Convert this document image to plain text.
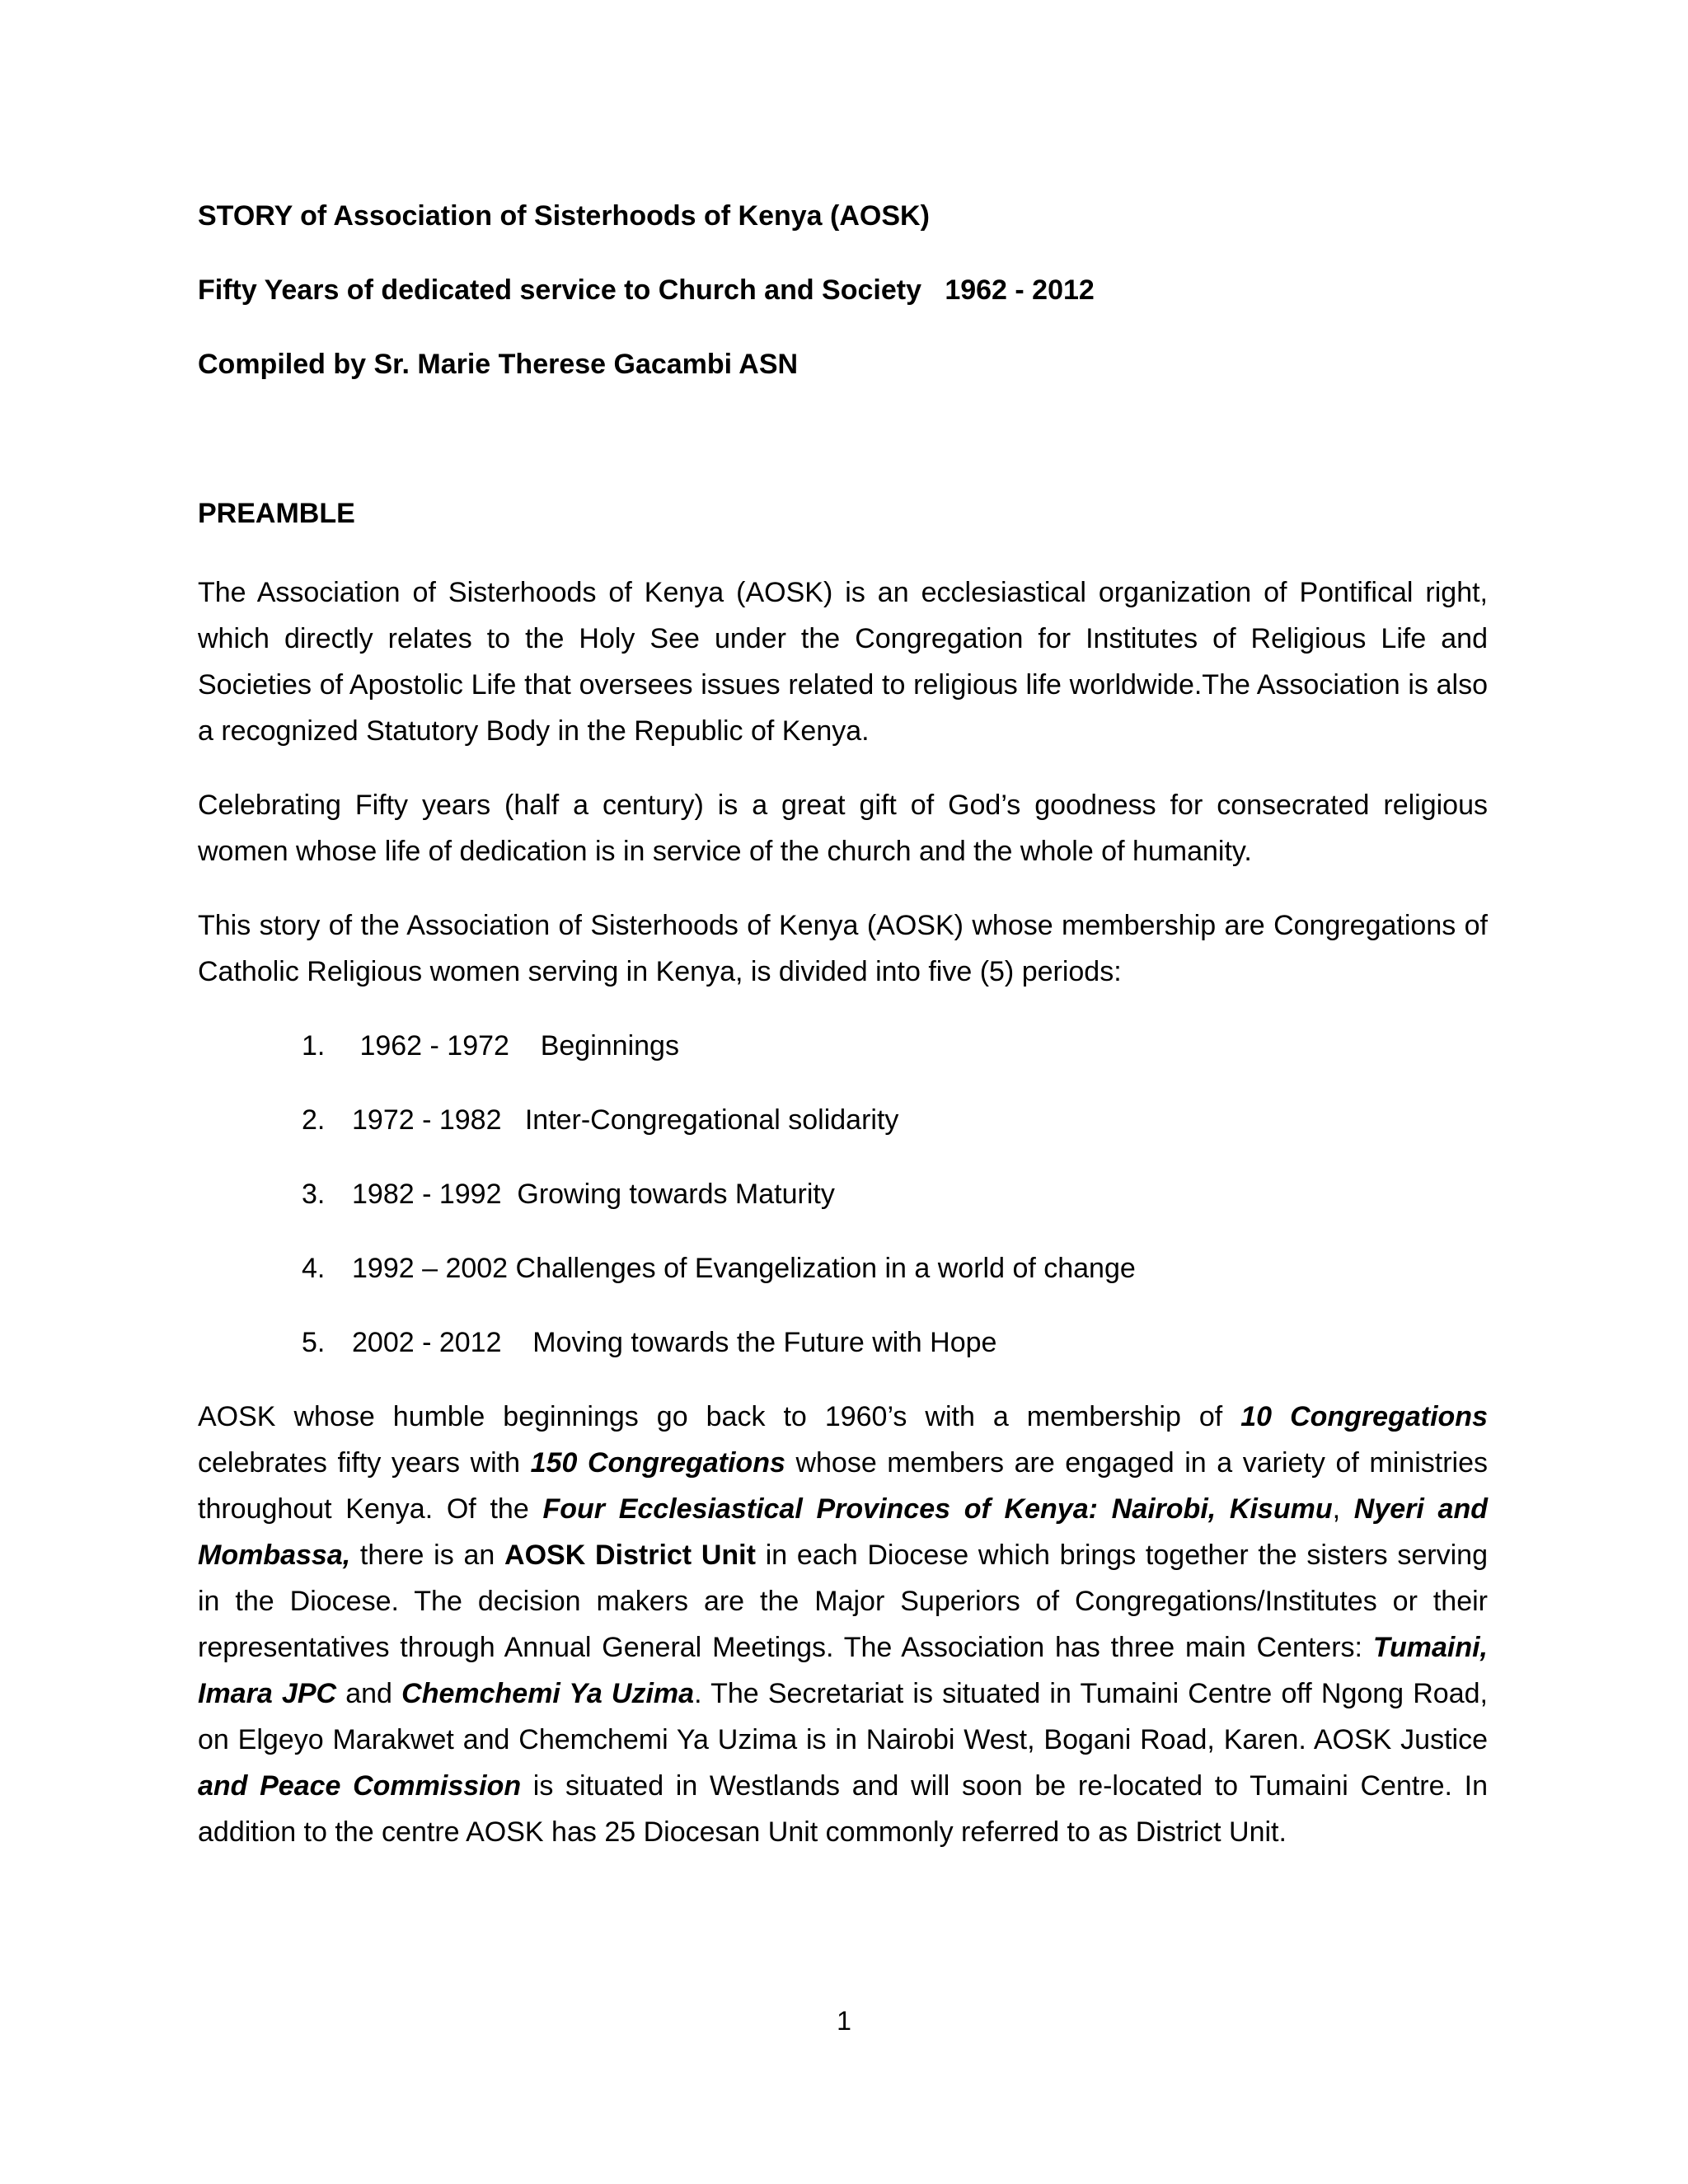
STORY of Association of Sisterhoods of Kenya (AOSK)
Fifty Years of dedicated service to Church and Society   1962 - 2012
Compiled by Sr. Marie Therese Gacambi ASN
PREAMBLE

The Association of Sisterhoods of Kenya (AOSK) is an ecclesiastical organization of Pontifical right, which directly relates to the Holy See under the Congregation for Institutes of Religious Life and Societies of Apostolic Life that oversees issues related to religious life worldwide.The Association is also a recognized Statutory Body in the Republic of Kenya.

Celebrating Fifty years (half a century) is a great gift of God’s goodness for consecrated religious women whose life of dedication is in service of the church and the whole of humanity.

This story of the Association of Sisterhoods of Kenya (AOSK) whose membership are Congregations of Catholic Religious women serving in Kenya, is divided into five (5) periods:

1. 1962 - 1972    Beginnings
2. 1972 - 1982   Inter-Congregational solidarity
3. 1982 - 1992  Growing towards Maturity
4. 1992 – 2002 Challenges of Evangelization in a world of change
5. 2002 - 2012    Moving towards the Future with Hope

AOSK whose humble beginnings go back to 1960’s with a membership of 10 Congregations celebrates fifty years with 150 Congregations whose members are engaged in a variety of ministries throughout Kenya. Of the Four Ecclesiastical Provinces of Kenya: Nairobi, Kisumu, Nyeri and Mombassa, there is an AOSK District Unit in each Diocese which brings together the sisters serving in the Diocese. The decision makers are the Major Superiors of Congregations/Institutes or their representatives through Annual General Meetings. The Association has three main Centers: Tumaini, Imara JPC and Chemchemi Ya Uzima. The Secretariat is situated in Tumaini Centre off Ngong Road, on Elgeyo Marakwet and Chemchemi Ya Uzima is in Nairobi West, Bogani Road, Karen. AOSK Justice and Peace Commission is situated in Westlands and will soon be re-located to Tumaini Centre. In addition to the centre AOSK has 25 Diocesan Unit commonly referred to as District Unit.

1
